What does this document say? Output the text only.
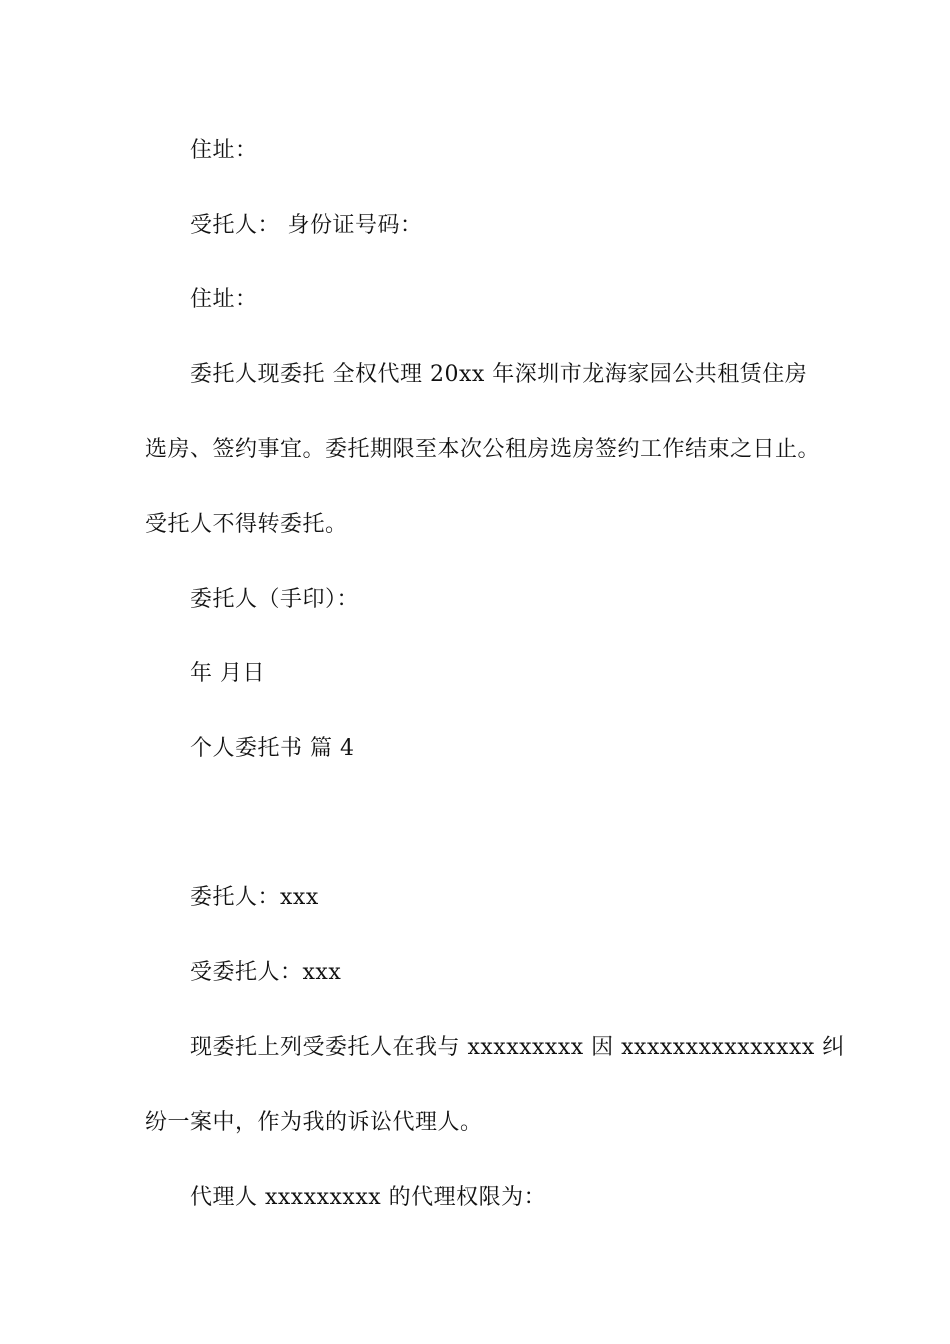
住址：
受托人： 身份证号码：
住址：
委托人现委托 全权代理 20xx 年深圳市龙海家园公共租赁住房
选房、签约事宜。委托期限至本次公租房选房签约工作结束之日止。
受托人不得转委托。
委托人（手印）：
年 月日
个人委托书 篇 4
委托人：xxx
受委托人：xxx
现委托上列受委托人在我与 xxxxxxxxx 因 xxxxxxxxxxxxxxx 纠
纷一案中，作为我的诉讼代理人。
代理人 xxxxxxxxx 的代理权限为：
